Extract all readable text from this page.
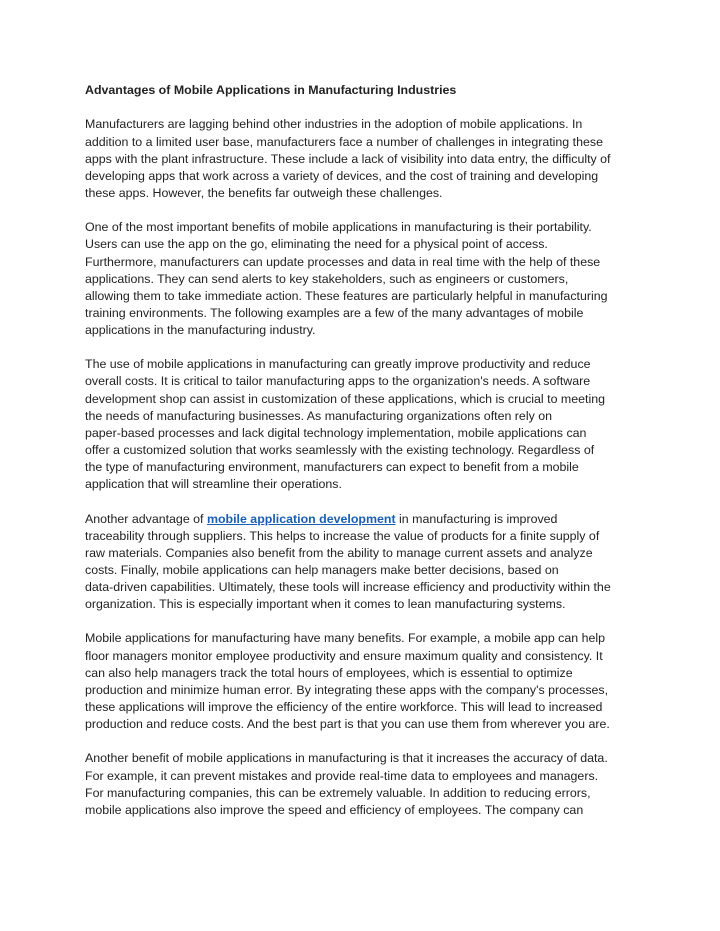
Advantages of Mobile Applications in Manufacturing Industries
Manufacturers are lagging behind other industries in the adoption of mobile applications. In
addition to a limited user base, manufacturers face a number of challenges in integrating these
apps with the plant infrastructure. These include a lack of visibility into data entry, the difficulty of
developing apps that work across a variety of devices, and the cost of training and developing
these apps. However, the benefits far outweigh these challenges.
One of the most important benefits of mobile applications in manufacturing is their portability.
Users can use the app on the go, eliminating the need for a physical point of access.
Furthermore, manufacturers can update processes and data in real time with the help of these
applications. They can send alerts to key stakeholders, such as engineers or customers,
allowing them to take immediate action. These features are particularly helpful in manufacturing
training environments. The following examples are a few of the many advantages of mobile
applications in the manufacturing industry.
The use of mobile applications in manufacturing can greatly improve productivity and reduce
overall costs. It is critical to tailor manufacturing apps to the organization's needs. A software
development shop can assist in customization of these applications, which is crucial to meeting
the needs of manufacturing businesses. As manufacturing organizations often rely on
paper-based processes and lack digital technology implementation, mobile applications can
offer a customized solution that works seamlessly with the existing technology. Regardless of
the type of manufacturing environment, manufacturers can expect to benefit from a mobile
application that will streamline their operations.
Another advantage of mobile application development in manufacturing is improved
traceability through suppliers. This helps to increase the value of products for a finite supply of
raw materials. Companies also benefit from the ability to manage current assets and analyze
costs. Finally, mobile applications can help managers make better decisions, based on
data-driven capabilities. Ultimately, these tools will increase efficiency and productivity within the
organization. This is especially important when it comes to lean manufacturing systems.
Mobile applications for manufacturing have many benefits. For example, a mobile app can help
floor managers monitor employee productivity and ensure maximum quality and consistency. It
can also help managers track the total hours of employees, which is essential to optimize
production and minimize human error. By integrating these apps with the company's processes,
these applications will improve the efficiency of the entire workforce. This will lead to increased
production and reduce costs. And the best part is that you can use them from wherever you are.
Another benefit of mobile applications in manufacturing is that it increases the accuracy of data.
For example, it can prevent mistakes and provide real-time data to employees and managers.
For manufacturing companies, this can be extremely valuable. In addition to reducing errors,
mobile applications also improve the speed and efficiency of employees. The company can
